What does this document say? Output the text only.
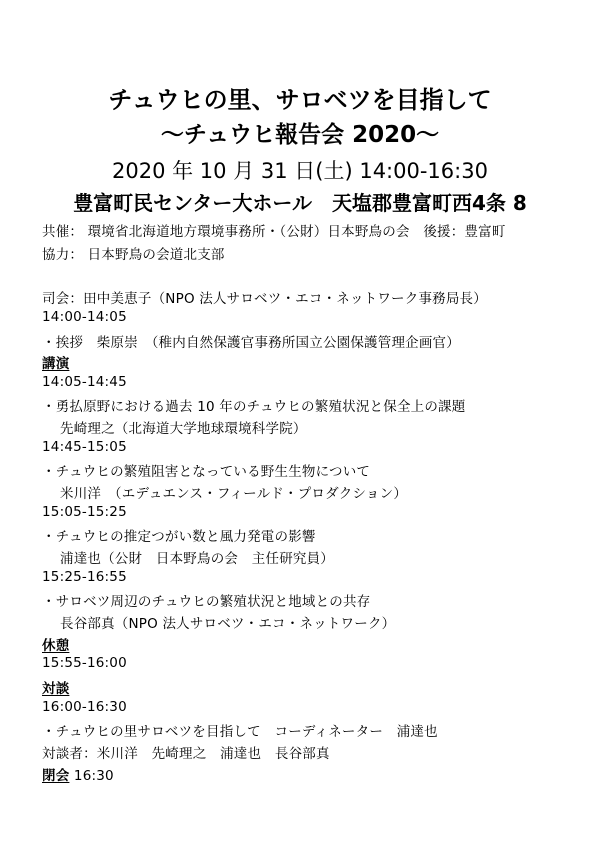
チュウヒの里、サロベツを目指して
〜チュウヒ報告会 2020〜
2020 年 10 月 31 日(土) 14:00-16:30
豊富町民センター大ホール　天塩郡豊富町西4条 8
共催： 環境省北海道地方環境事務所・（公財）日本野鳥の会　後援：豊富町
協力： 日本野鳥の会道北支部
司会：田中美恵子（NPO 法人サロベツ・エコ・ネットワーク事務局長）
14:00-14:05
・挨拶　柴原崇　（稚内自然保護官事務所国立公園保護管理企画官）
講演
14:05-14:45
・勇払原野における過去 10 年のチュウヒの繁殖状況と保全上の課題
先崎理之（北海道大学地球環境科学院）
14:45-15:05
・チュウヒの繁殖阻害となっている野生生物について
米川洋　（エデュエンス・フィールド・プロダクション）
15:05-15:25
・チュウヒの推定つがい数と風力発電の影響
浦達也（公財　日本野鳥の会　主任研究員）
15:25-16:55
・サロベツ周辺のチュウヒの繁殖状況と地域との共存
長谷部真（NPO 法人サロベツ・エコ・ネットワーク）
休憩
15:55-16:00
対談
16:00-16:30
・チュウヒの里サロベツを目指して　コーディネーター　浦達也
対談者：米川洋　先崎理之　浦達也　長谷部真
閉会 16:30
